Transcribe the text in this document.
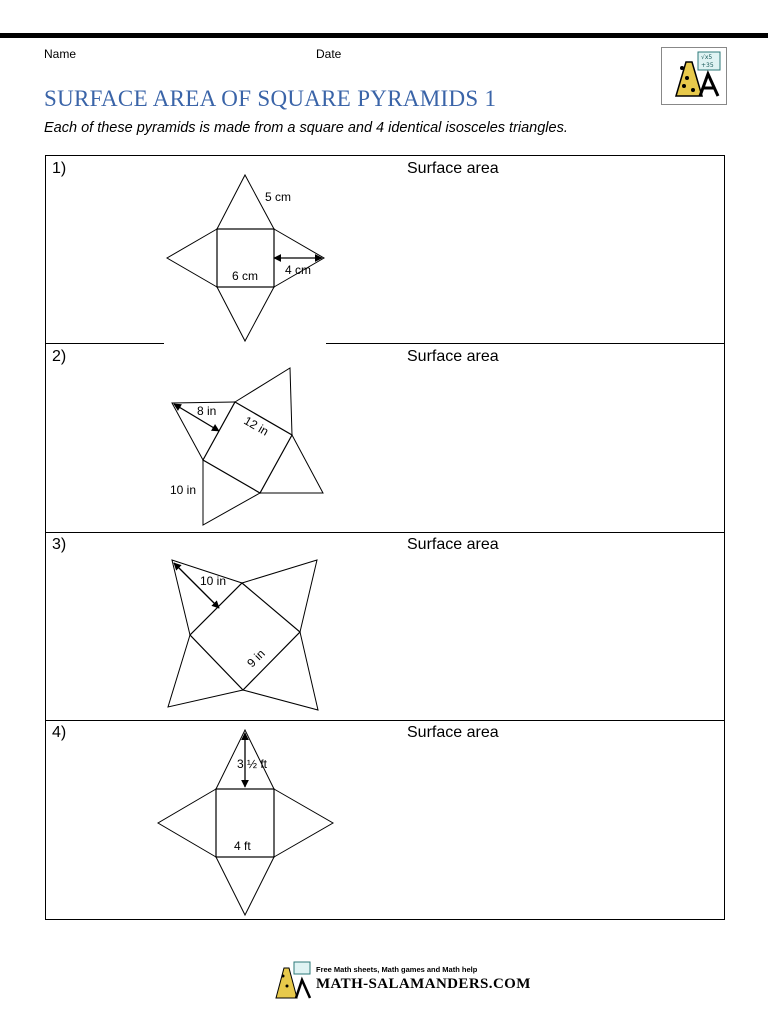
Name	Date	√x5
+35
SURFACE AREA OF SQUARE PYRAMIDS 1
Each of these pyramids is made from a square and 4 identical isosceles triangles.
1)	Surface area
2)	Surface area
3)	Surface area
4)	Surface area
5 cm
4 cm
6 cm
8 in
12 in
10 in
10 in
9 in
3 ½ ft
4 ft
Free Math sheets, Math games and Math help
MATH-SALAMANDERS.COM
